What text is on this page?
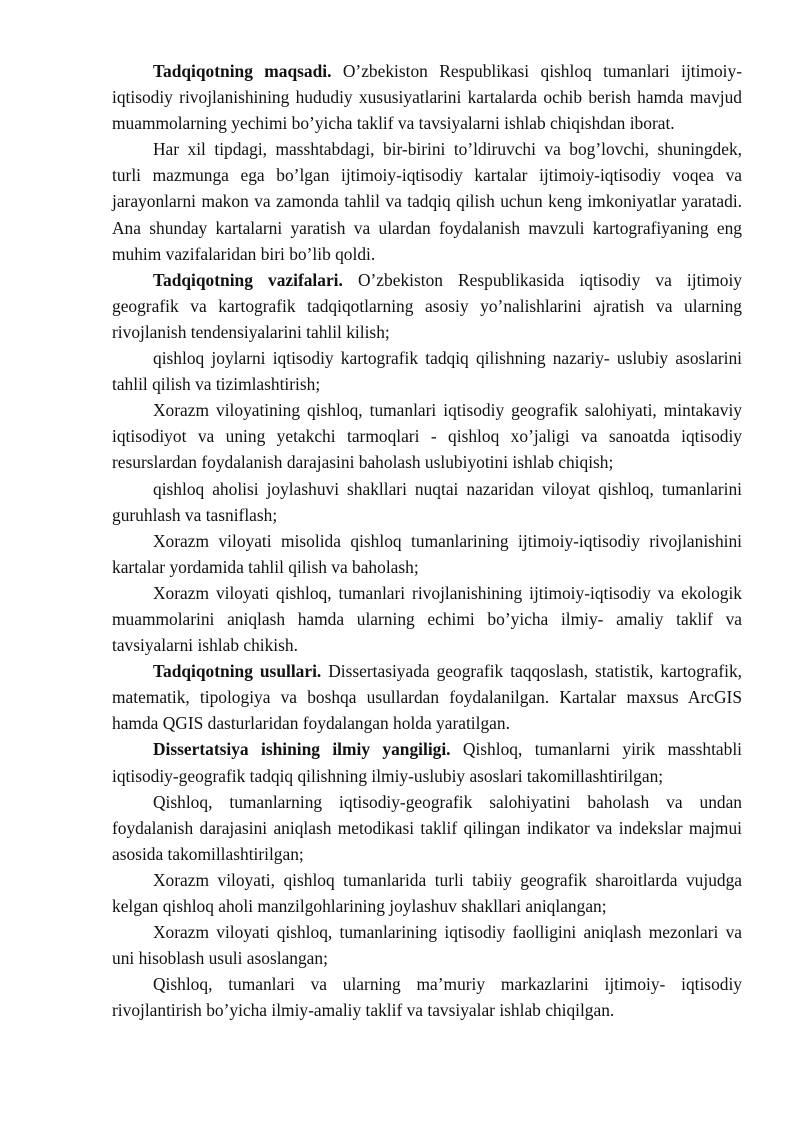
Tadqiqotning maqsadi. O’zbekiston Respublikasi qishloq tumanlari ijtimoiy-iqtisodiy rivojlanishining hududiy xususiyatlarini kartalarda ochib berish hamda mavjud muammolarning yechimi bo’yicha taklif va tavsiyalarni ishlab chiqishdan iborat.

Har xil tipdagi, masshtabdagi, bir-birini to’ldiruvchi va bog’lovchi, shuningdek, turli mazmunga ega bo’lgan ijtimoiy-iqtisodiy kartalar ijtimoiy-iqtisodiy voqea va jarayonlarni makon va zamonda tahlil va tadqiq qilish uchun keng imkoniyatlar yaratadi. Ana shunday kartalarni yaratish va ulardan foydalanish mavzuli kartografiyaning eng muhim vazifalaridan biri bo’lib qoldi.

Tadqiqotning vazifalari. O’zbekiston Respublikasida iqtisodiy va ijtimoiy geografik va kartografik tadqiqotlarning asosiy yo’nalishlarini ajratish va ularning rivojlanish tendensiyalarini tahlil kilish;

qishloq joylarni iqtisodiy kartografik tadqiq qilishning nazariy- uslubiy asoslarini tahlil qilish va tizimlashtirish;

Xorazm viloyatining qishloq, tumanlari iqtisodiy geografik salohiyati, mintakaviy iqtisodiyot va uning yetakchi tarmoqlari - qishloq xo’jaligi va sanoatda iqtisodiy resurslardan foydalanish darajasini baholash uslubiyotini ishlab chiqish;

qishloq aholisi joylashuvi shakllari nuqtai nazaridan viloyat qishloq, tumanlarini guruhlash va tasniflash;

Xorazm viloyati misolida qishloq tumanlarining ijtimoiy-iqtisodiy rivojlanishini kartalar yordamida tahlil qilish va baholash;

Xorazm viloyati qishloq, tumanlari rivojlanishining ijtimoiy-iqtisodiy va ekologik muammolarini aniqlash hamda ularning echimi bo’yicha ilmiy- amaliy taklif va tavsiyalarni ishlab chikish.

Tadqiqotning usullari. Dissertasiyada geografik taqqoslash, statistik, kartografik, matematik, tipologiya va boshqa usullardan foydalanilgan. Kartalar maxsus ArcGIS hamda QGIS dasturlaridan foydalangan holda yaratilgan.

Dissertatsiya ishining ilmiy yangiligi. Qishloq, tumanlarni yirik masshtabli iqtisodiy-geografik tadqiq qilishning ilmiy-uslubiy asoslari takomillashtirilgan;

Qishloq, tumanlarning iqtisodiy-geografik salohiyatini baholash va undan foydalanish darajasini aniqlash metodikasi taklif qilingan indikator va indekslar majmui asosida takomillashtirilgan;

Xorazm viloyati, qishloq tumanlarida turli tabiiy geografik sharoitlarda vujudga kelgan qishloq aholi manzilgohlarining joylashuv shakllari aniqlangan;

Xorazm viloyati qishloq, tumanlarining iqtisodiy faolligini aniqlash mezonlari va uni hisoblash usuli asoslangan;

Qishloq, tumanlari va ularning ma’muriy markazlarini ijtimoiy- iqtisodiy rivojlantirish bo’yicha ilmiy-amaliy taklif va tavsiyalar ishlab chiqilgan.
